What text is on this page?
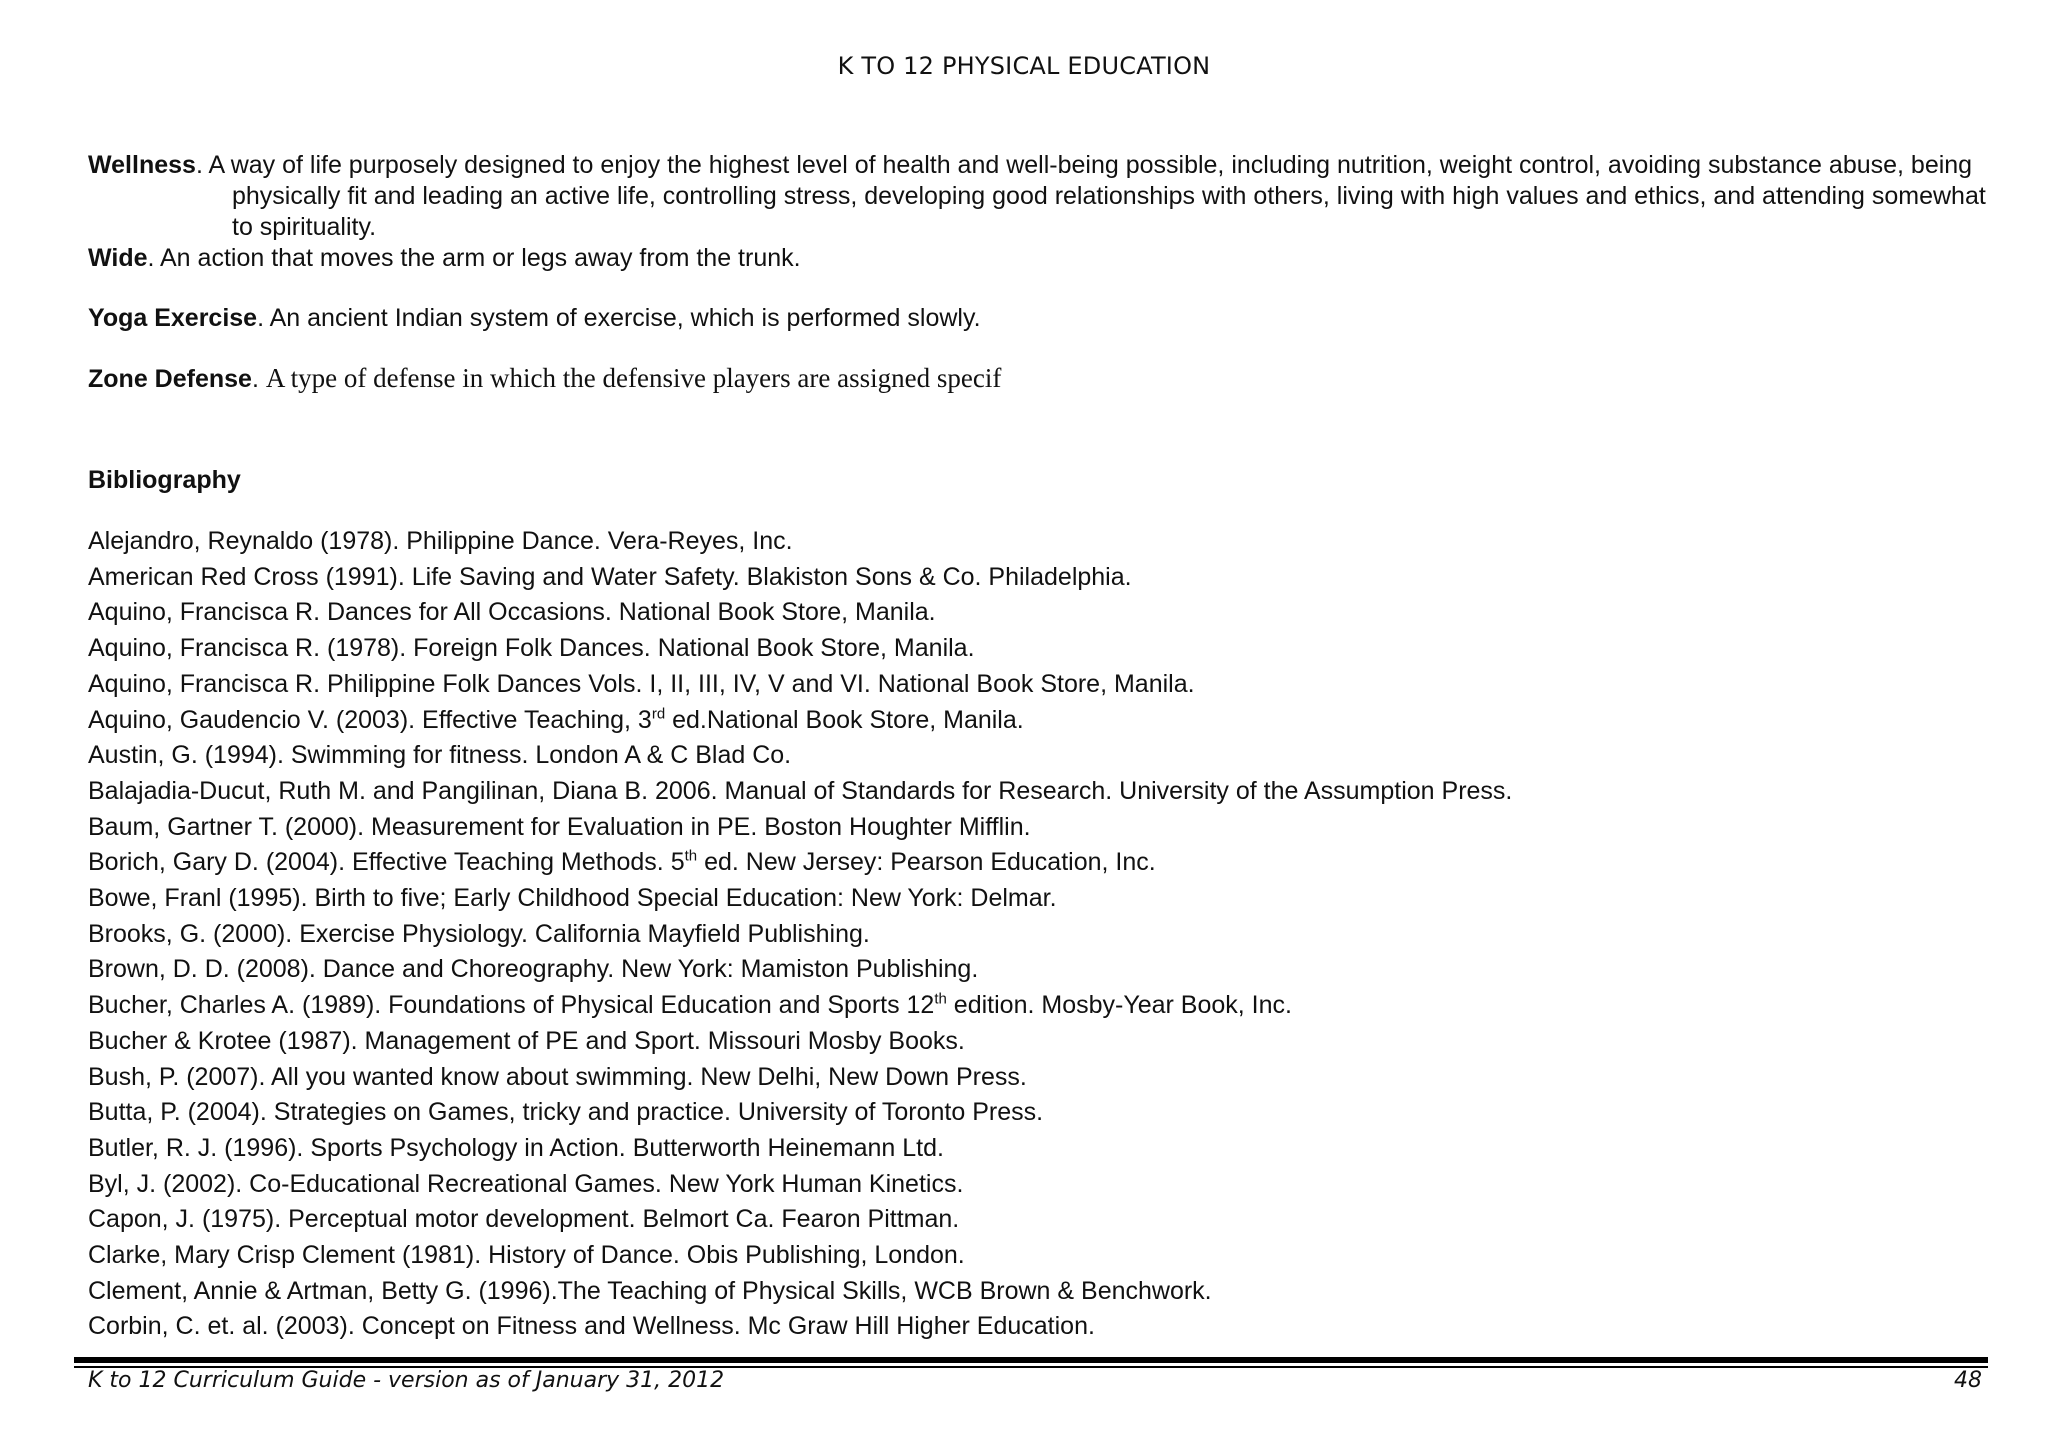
K TO 12 PHYSICAL EDUCATION
Wellness. A way of life purposely designed to enjoy the highest level of health and well-being possible, including nutrition, weight control, avoiding substance abuse, being physically fit and leading an active life, controlling stress, developing good relationships with others, living with high values and ethics, and attending somewhat to spirituality.
Wide. An action that moves the arm or legs away from the trunk.
Yoga Exercise. An ancient Indian system of exercise, which is performed slowly.
Zone Defense. A type of defense in which the defensive players are assigned specif
Bibliography
Alejandro, Reynaldo (1978). Philippine Dance. Vera-Reyes, Inc.
American Red Cross (1991). Life Saving and Water Safety. Blakiston Sons & Co. Philadelphia.
Aquino, Francisca R. Dances for All Occasions. National Book Store, Manila.
Aquino, Francisca R. (1978). Foreign Folk Dances. National Book Store, Manila.
Aquino, Francisca R. Philippine Folk Dances Vols. I, II, III, IV, V and VI. National Book Store, Manila.
Aquino, Gaudencio V. (2003). Effective Teaching, 3rd ed.National Book Store, Manila.
Austin, G. (1994). Swimming for fitness. London A & C Blad Co.
Balajadia-Ducut, Ruth M. and Pangilinan, Diana B. 2006. Manual of Standards for Research. University of the Assumption Press.
Baum, Gartner T. (2000). Measurement for Evaluation in PE. Boston Houghter Mifflin.
Borich, Gary D. (2004). Effective Teaching Methods. 5th ed. New Jersey: Pearson Education, Inc.
Bowe, Franl (1995). Birth to five; Early Childhood Special Education: New York: Delmar.
Brooks, G. (2000). Exercise Physiology. California Mayfield Publishing.
Brown, D. D. (2008). Dance and Choreography. New York: Mamiston Publishing.
Bucher, Charles A. (1989). Foundations of Physical Education and Sports 12th edition. Mosby-Year Book, Inc.
Bucher & Krotee (1987). Management of PE and Sport. Missouri Mosby Books.
Bush, P. (2007). All you wanted know about swimming. New Delhi, New Down Press.
Butta, P. (2004). Strategies on Games, tricky and practice. University of Toronto Press.
Butler, R. J. (1996). Sports Psychology in Action. Butterworth Heinemann Ltd.
Byl, J. (2002). Co-Educational Recreational Games. New York Human Kinetics.
Capon, J. (1975). Perceptual motor development. Belmort Ca. Fearon Pittman.
Clarke, Mary Crisp Clement (1981). History of Dance. Obis Publishing, London.
Clement, Annie & Artman, Betty G. (1996).The Teaching of Physical Skills, WCB Brown & Benchwork.
Corbin, C. et. al. (2003). Concept on Fitness and Wellness. Mc Graw Hill Higher Education.
K to 12 Curriculum Guide - version as of January 31, 2012	48
